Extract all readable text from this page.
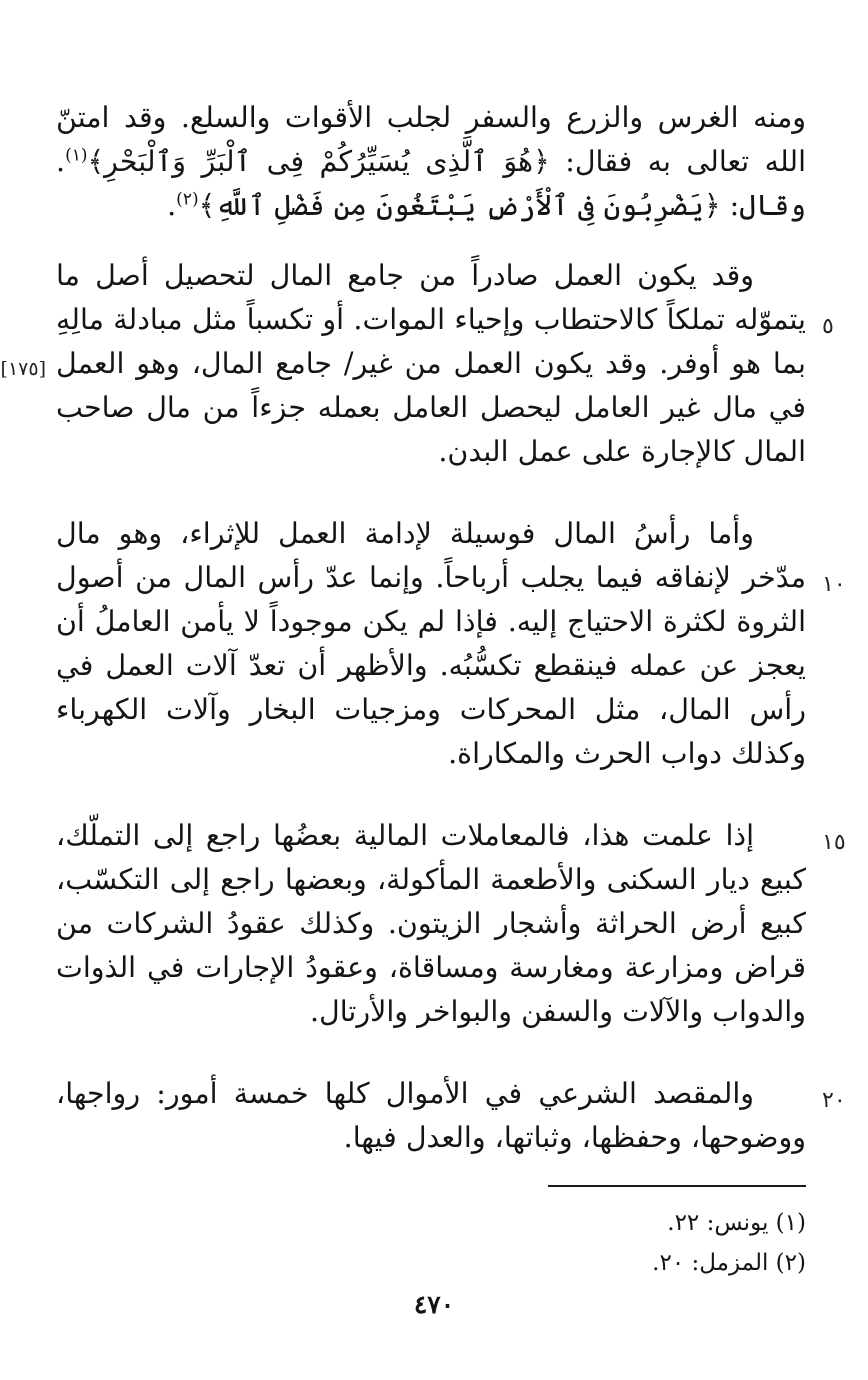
ومنه الغرس والزرع والسفر لجلب الأقوات والسلع. وقد امتنّ الله تعالى به فقال: ﴿هُوَ ٱلَّذِى يُسَيِّرُكُمْ فِى ٱلْبَرِّ وَٱلْبَحْرِ﴾$^{(١)}$. وقال: ﴿يَضْرِبُونَ فِى ٱلْأَرْضِ يَبْتَغُونَ مِن فَضْلِ ٱللَّهِ﴾$^{(٢)}$.

وقد يكون العمل صادراً من جامع المال لتحصيل أصل ما يتموّله تملكاً كالاحتطاب وإحياء الموات. أو تكسباً مثل مبادلة مالِهِ بما هو أوفر. وقد يكون العمل من غير/ جامع المال، وهو العمل في مال غير العامل ليحصل العامل بعمله جزءاً من مال صاحب المال كالإجارة على عمل البدن.

وأما رأسُ المال فوسيلة لإدامة العمل للإثراء، وهو مال مدّخر لإنفاقه فيما يجلب أرباحاً. وإنما عدّ رأس المال من أصول الثروة لكثرة الاحتياج إليه. فإذا لم يكن موجوداً لا يأمن العاملُ أن يعجز عن عمله فينقطع تكسُّبُه. والأظهر أن تعدّ آلات العمل في رأس المال، مثل المحركات ومزجيات البخار وآلات الكهرباء وكذلك دواب الحرث والمكاراة.

إذا علمت هذا، فالمعاملات المالية بعضُها راجع إلى التملّك، كبيع ديار السكنى والأطعمة المأكولة، وبعضها راجع إلى التكسّب، كبيع أرض الحراثة وأشجار الزيتون. وكذلك عقودُ الشركات من قراض ومزارعة ومغارسة ومساقاة، وعقودُ الإجارات في الذوات والدواب والآلات والسفن والبواخر والأرتال.

والمقصد الشرعي في الأموال كلها خمسة أمور: رواجها، ووضوحها، وحفظها، وثباتها، والعدل فيها.

٥
١٠
١٥
٢٠
[١٧٥]

(١) يونس: ٢٢.

(٢) المزمل: ٢٠.

٤٧٠
